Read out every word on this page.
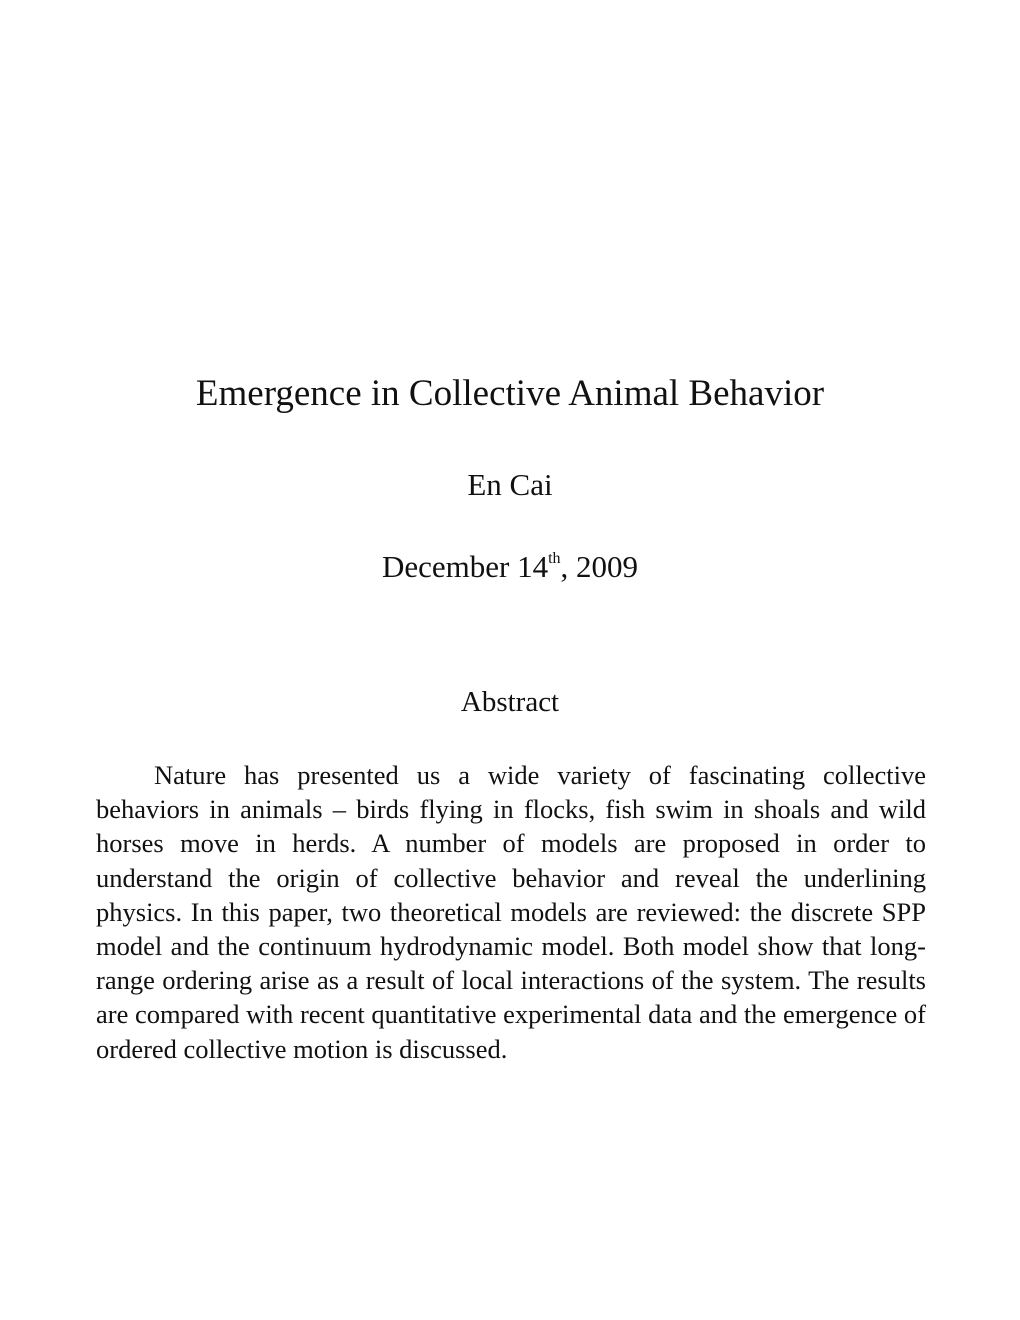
Emergence in Collective Animal Behavior

En Cai

December 14th, 2009

Abstract

Nature has presented us a wide variety of fascinating collective behaviors in animals – birds flying in flocks, fish swim in shoals and wild horses move in herds. A number of models are proposed in order to understand the origin of collective behavior and reveal the underlining physics. In this paper, two theoretical models are reviewed: the discrete SPP model and the continuum hydrodynamic model. Both model show that long-range ordering arise as a result of local interactions of the system. The results are compared with recent quantitative experimental data and the emergence of ordered collective motion is discussed.
